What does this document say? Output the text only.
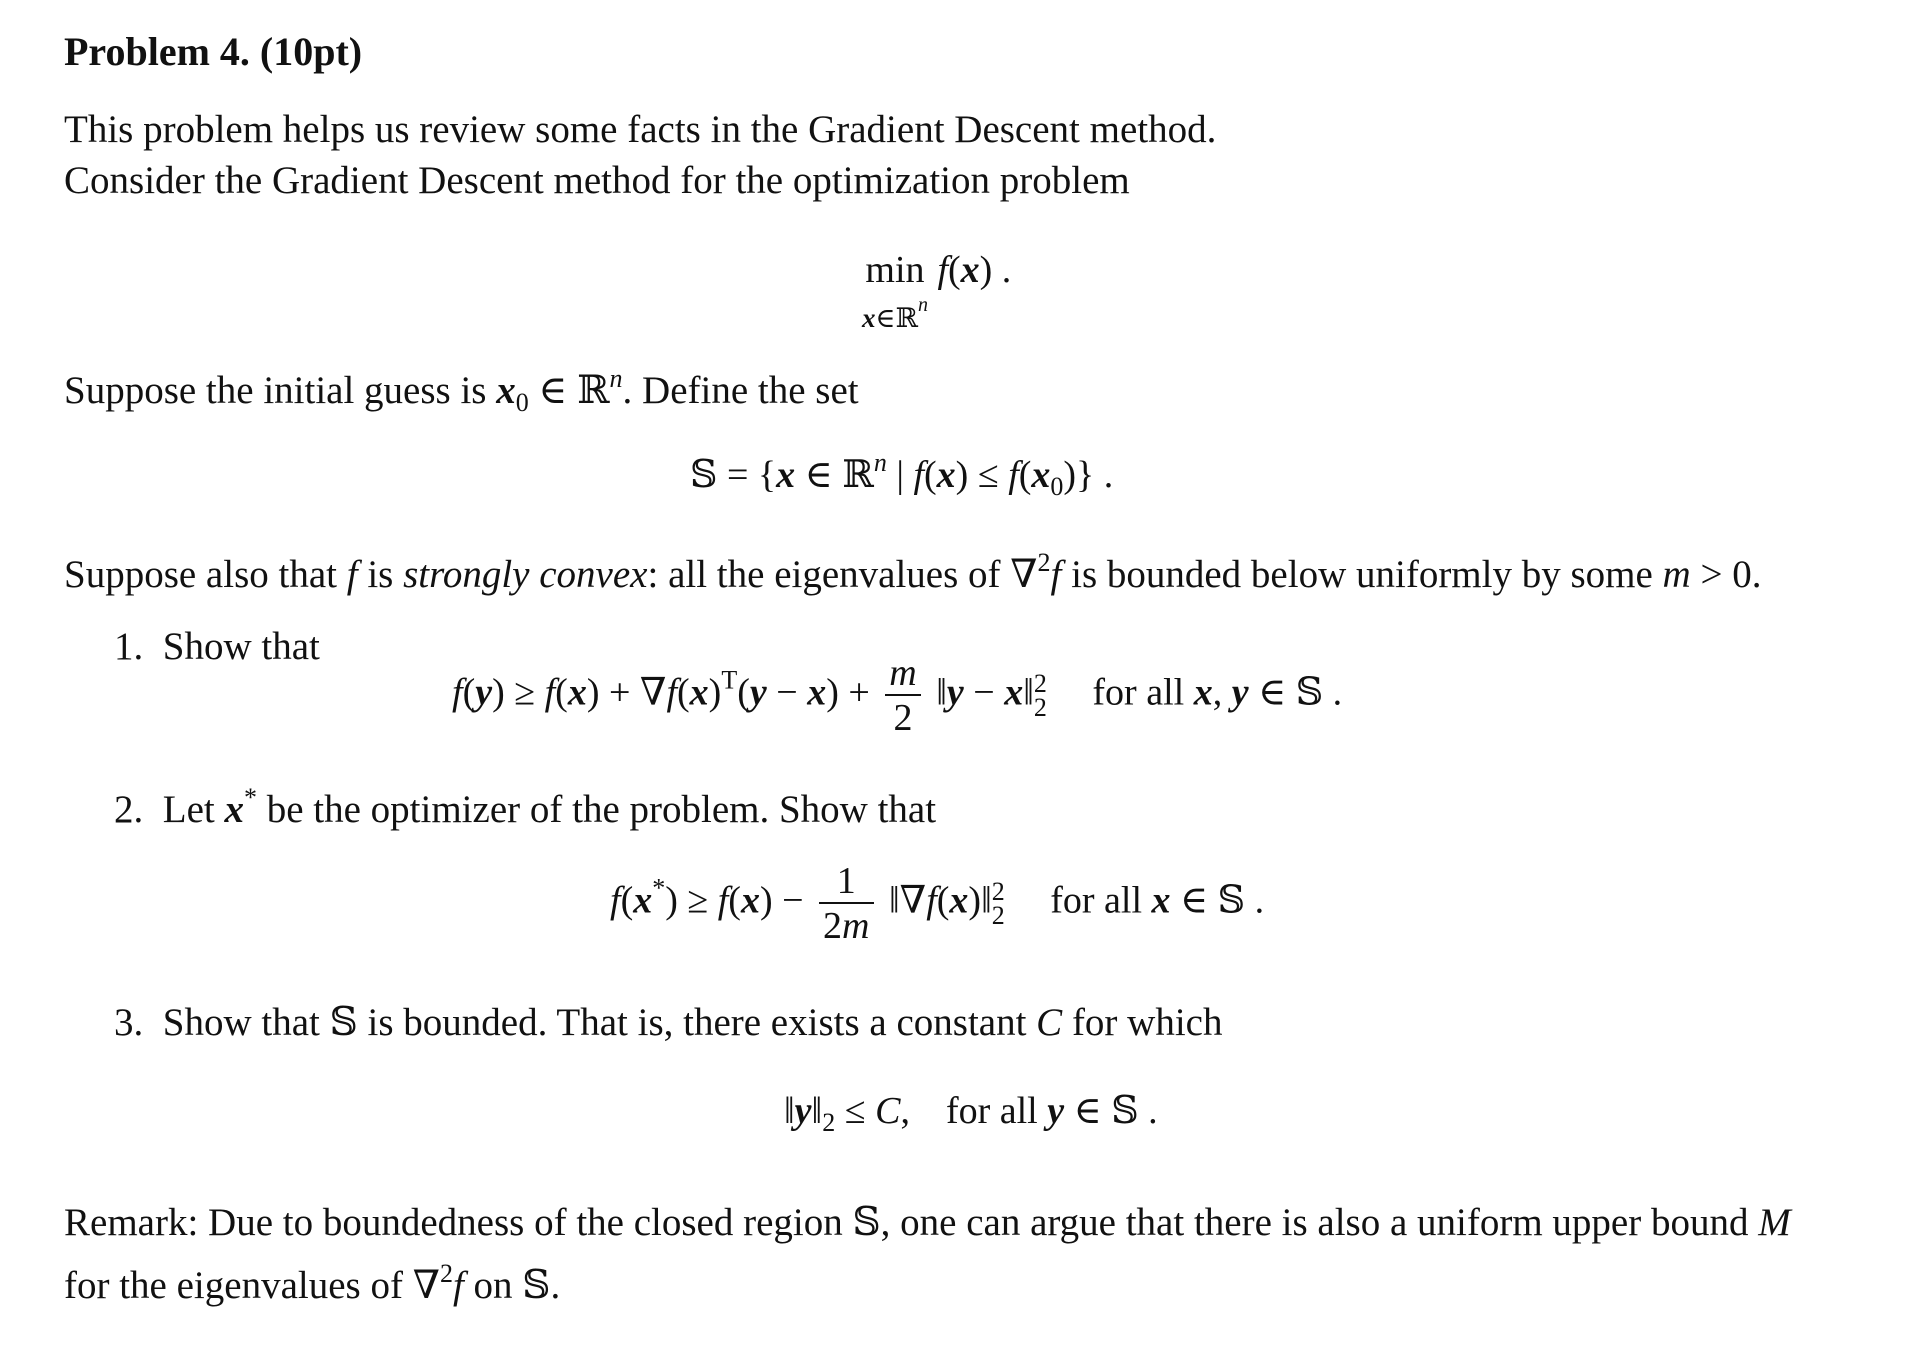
Problem 4. (10pt)
This problem helps us review some facts in the Gradient Descent method.
Consider the Gradient Descent method for the optimization problem
min
x∈ℝ$^n$
f(x) .
Suppose the initial guess is $x_0$ ∈ ℝ$^n$. Define the set
𝕊 = {x ∈ ℝ$^n$ | $f(x) \le f(x_0)$} .
Suppose also that f is strongly convex: all the eigenvalues of ∇$^2$f is bounded below uniformly by some m > 0.
1. Show that
$f(y) \ge f(x) + \nabla f(x)^T(y - x) + \frac{m}{2}$ ‖y − x‖ 2
2 for all x, y ∈ 𝕊 .
2. Let x* be the optimizer of the problem. Show that
$f(x^*) \ge f(x) - \frac{1}{2m}$ ‖∇f(x)‖ 2
2 for all x ∈ 𝕊 .
3. Show that 𝕊 is bounded. That is, there exists a constant C for which
$‖y‖_2 \le C$, for all y ∈ 𝕊 .
Remark: Due to boundedness of the closed region 𝕊, one can argue that there is also a uniform upper bound M
for the eigenvalues of ∇$^2$f on 𝕊.
